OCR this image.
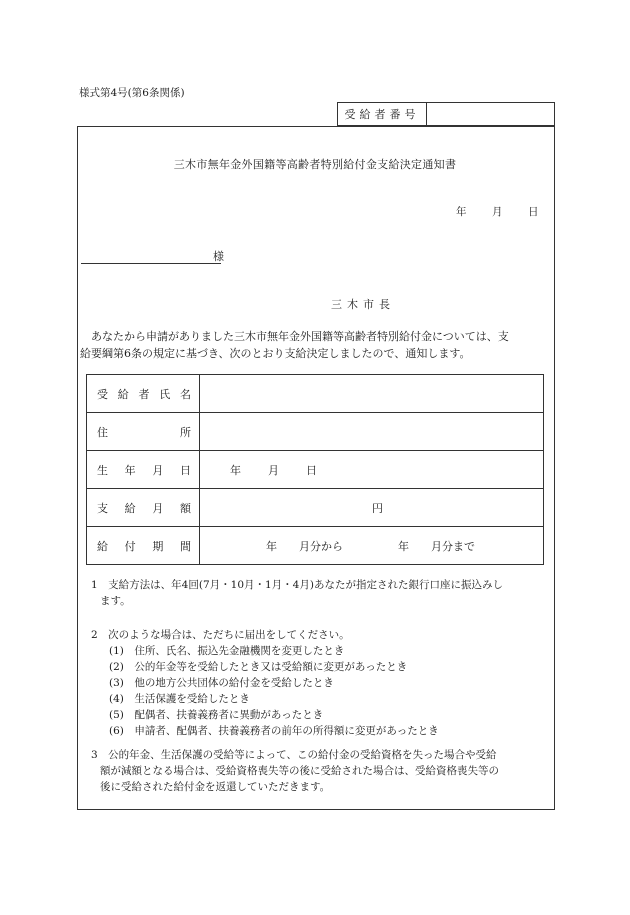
様式第4号(第6条関係)
受給者番号
三木市無年金外国籍等高齢者特別給付金支給決定通知書
年 月 日
様
三木市長

あなたから申請がありました三木市無年金外国籍等高齢者特別給付金については、支

給要綱第6条の規定に基づき、次のとおり支給決定しましたので、通知します。

受 給 者 氏 名	

住 所	

生 年 月 日	年 月 日

支 給 月 額	円

給 付 期 間	年　　月分から 年　　月分まで

1　支給方法は、年4回(7月・10月・1月・4月)あなたが指定された銀行口座に振込みし

ます。

2　次のような場合は、ただちに届出をしてください。

(1)　住所、氏名、振込先金融機関を変更したとき

(2)　公的年金等を受給したとき又は受給額に変更があったとき

(3)　他の地方公共団体の給付金を受給したとき

(4)　生活保護を受給したとき

(5)　配偶者、扶養義務者に異動があったとき

(6)　申請者、配偶者、扶養義務者の前年の所得額に変更があったとき

3　公的年金、生活保護の受給等によって、この給付金の受給資格を失った場合や受給

額が減額となる場合は、受給資格喪失等の後に受給された場合は、受給資格喪失等の

後に受給された給付金を返還していただきます。
